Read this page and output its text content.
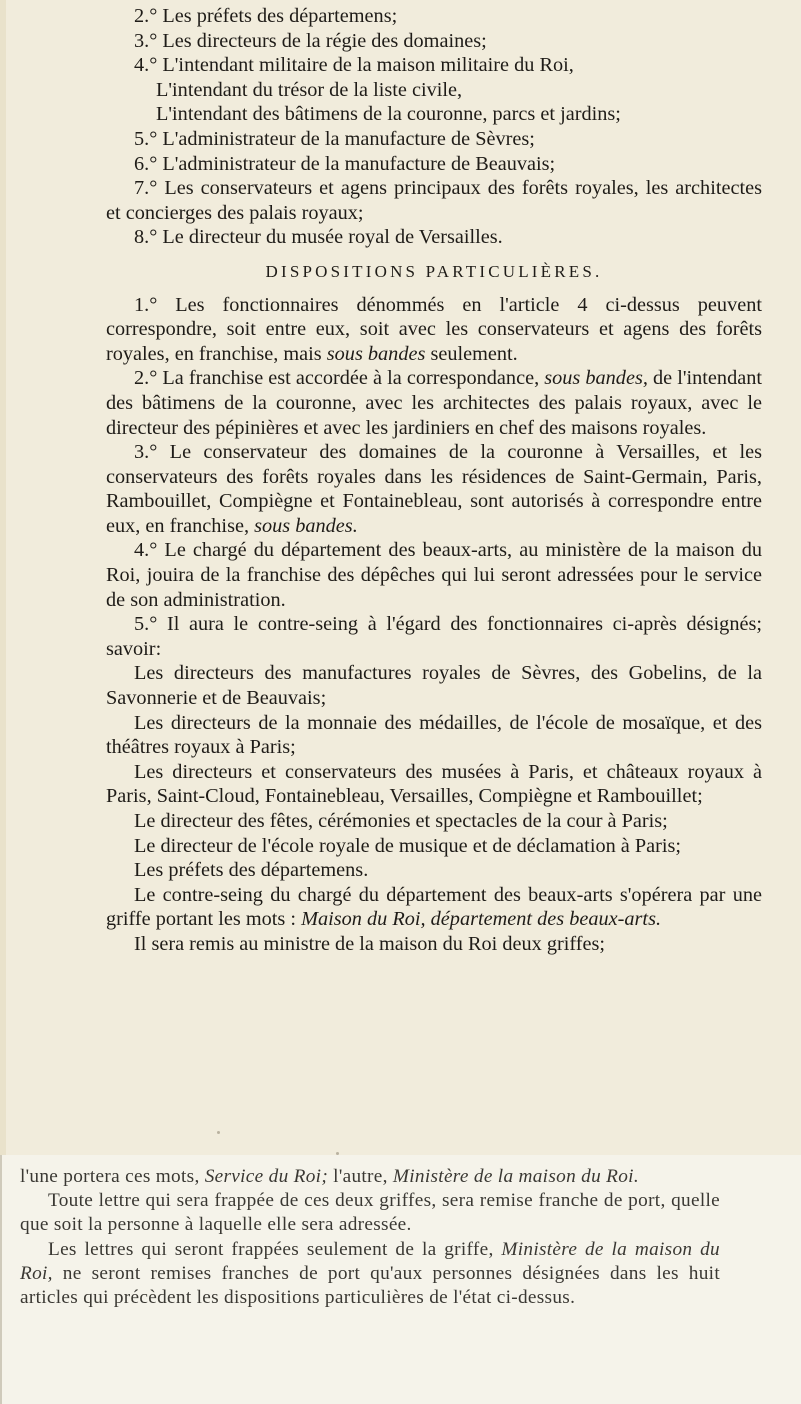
2.° Les préfets des départemens;

3.° Les directeurs de la régie des domaines;

4.° L'intendant militaire de la maison militaire du Roi,

L'intendant du trésor de la liste civile,

L'intendant des bâtimens de la couronne, parcs et jardins;

5.° L'administrateur de la manufacture de Sèvres;

6.° L'administrateur de la manufacture de Beauvais;

7.° Les conservateurs et agens principaux des forêts royales, les architectes et concierges des palais royaux;

8.° Le directeur du musée royal de Versailles.

DISPOSITIONS PARTICULIÈRES.

1.° Les fonctionnaires dénommés en l'article 4 ci-dessus peuvent correspondre, soit entre eux, soit avec les conservateurs et agens des forêts royales, en franchise, mais sous bandes seulement.

2.° La franchise est accordée à la correspondance, sous bandes, de l'intendant des bâtimens de la couronne, avec les architectes des palais royaux, avec le directeur des pépinières et avec les jardiniers en chef des maisons royales.

3.° Le conservateur des domaines de la couronne à Versailles, et les conservateurs des forêts royales dans les résidences de Saint-Germain, Paris, Rambouillet, Compiègne et Fontainebleau, sont autorisés à correspondre entre eux, en franchise, sous bandes.

4.° Le chargé du département des beaux-arts, au ministère de la maison du Roi, jouira de la franchise des dépêches qui lui seront adressées pour le service de son administration.

5.° Il aura le contre-seing à l'égard des fonctionnaires ci-après désignés; savoir:

Les directeurs des manufactures royales de Sèvres, des Gobelins, de la Savonnerie et de Beauvais;

Les directeurs de la monnaie des médailles, de l'école de mosaïque, et des théâtres royaux à Paris;

Les directeurs et conservateurs des musées à Paris, et châteaux royaux à Paris, Saint-Cloud, Fontainebleau, Versailles, Compiègne et Rambouillet;

Le directeur des fêtes, cérémonies et spectacles de la cour à Paris;

Le directeur de l'école royale de musique et de déclamation à Paris;

Les préfets des départemens.

Le contre-seing du chargé du département des beaux-arts s'opérera par une griffe portant les mots : Maison du Roi, département des beaux-arts.

Il sera remis au ministre de la maison du Roi deux griffes;

l'une portera ces mots, Service du Roi; l'autre, Ministère de la maison du Roi.

Toute lettre qui sera frappée de ces deux griffes, sera remise franche de port, quelle que soit la personne à laquelle elle sera adressée.

Les lettres qui seront frappées seulement de la griffe, Ministère de la maison du Roi, ne seront remises franches de port qu'aux personnes désignées dans les huit articles qui précèdent les dispositions particulières de l'état ci-dessus.
